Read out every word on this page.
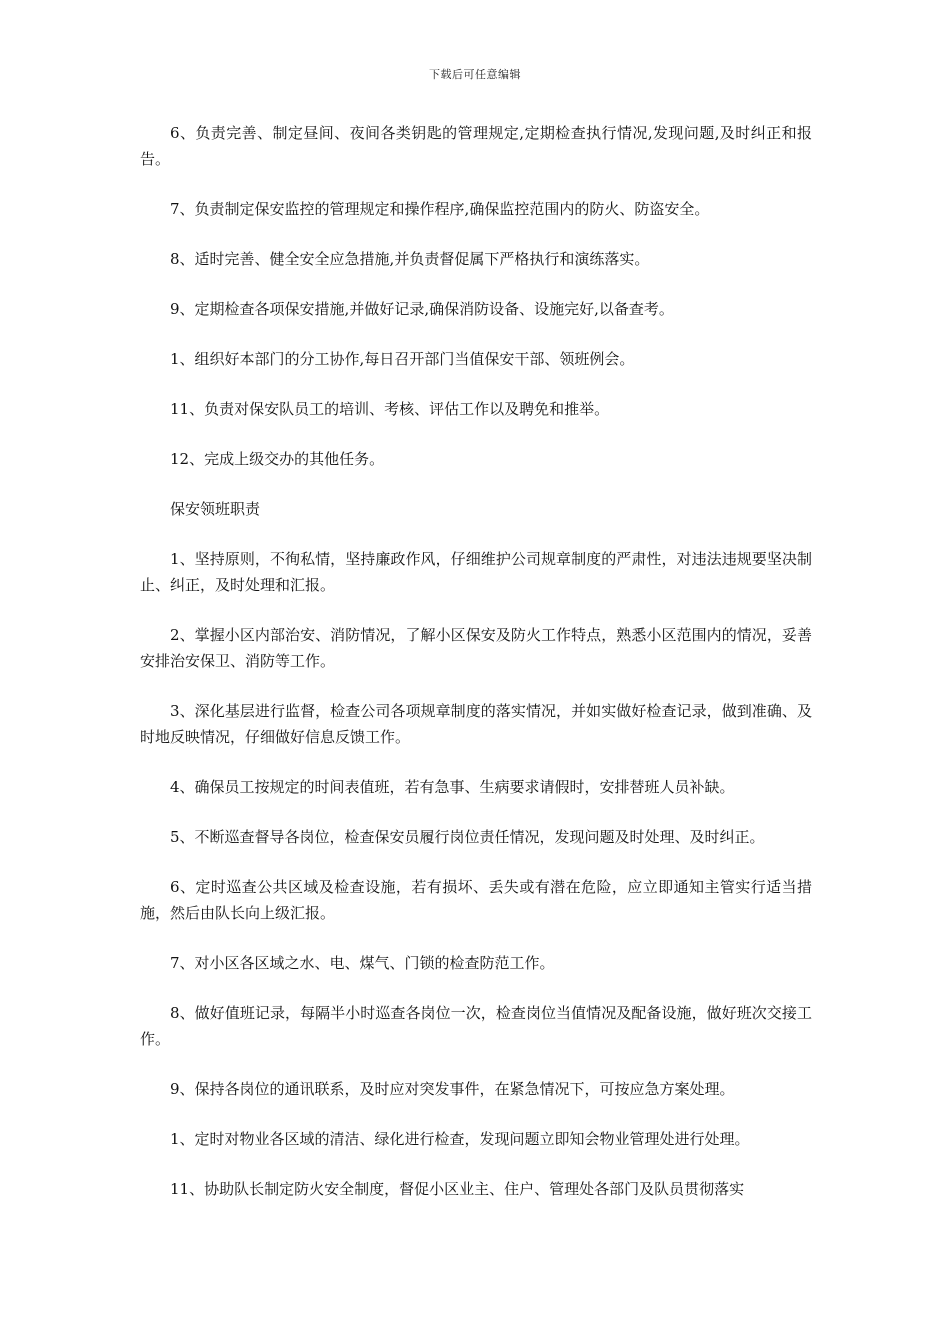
下载后可任意编辑

6、负责完善、制定昼间、夜间各类钥匙的管理规定,定期检查执行情况,发现问题,及时纠正和报告。

7、负责制定保安监控的管理规定和操作程序,确保监控范围内的防火、防盗安全。

8、适时完善、健全安全应急措施,并负责督促属下严格执行和演练落实。

9、定期检查各项保安措施,并做好记录,确保消防设备、设施完好,以备查考。

1、组织好本部门的分工协作,每日召开部门当值保安干部、领班例会。

11、负责对保安队员工的培训、考核、评估工作以及聘免和推举。

12、完成上级交办的其他任务。

保安领班职责

1、坚持原则，不徇私情，坚持廉政作风，仔细维护公司规章制度的严肃性，对违法违规要坚决制止、纠正，及时处理和汇报。

2、掌握小区内部治安、消防情况，了解小区保安及防火工作特点，熟悉小区范围内的情况，妥善安排治安保卫、消防等工作。

3、深化基层进行监督，检查公司各项规章制度的落实情况，并如实做好检查记录，做到准确、及时地反映情况，仔细做好信息反馈工作。

4、确保员工按规定的时间表值班，若有急事、生病要求请假时，安排替班人员补缺。

5、不断巡查督导各岗位，检查保安员履行岗位责任情况，发现问题及时处理、及时纠正。

6、定时巡查公共区域及检查设施，若有损坏、丢失或有潜在危险，应立即通知主管实行适当措施，然后由队长向上级汇报。

7、对小区各区域之水、电、煤气、门锁的检查防范工作。

8、做好值班记录，每隔半小时巡查各岗位一次，检查岗位当值情况及配备设施，做好班次交接工作。

9、保持各岗位的通讯联系，及时应对突发事件，在紧急情况下，可按应急方案处理。

1、定时对物业各区域的清洁、绿化进行检查，发现问题立即知会物业管理处进行处理。

11、协助队长制定防火安全制度，督促小区业主、住户、管理处各部门及队员贯彻落实
